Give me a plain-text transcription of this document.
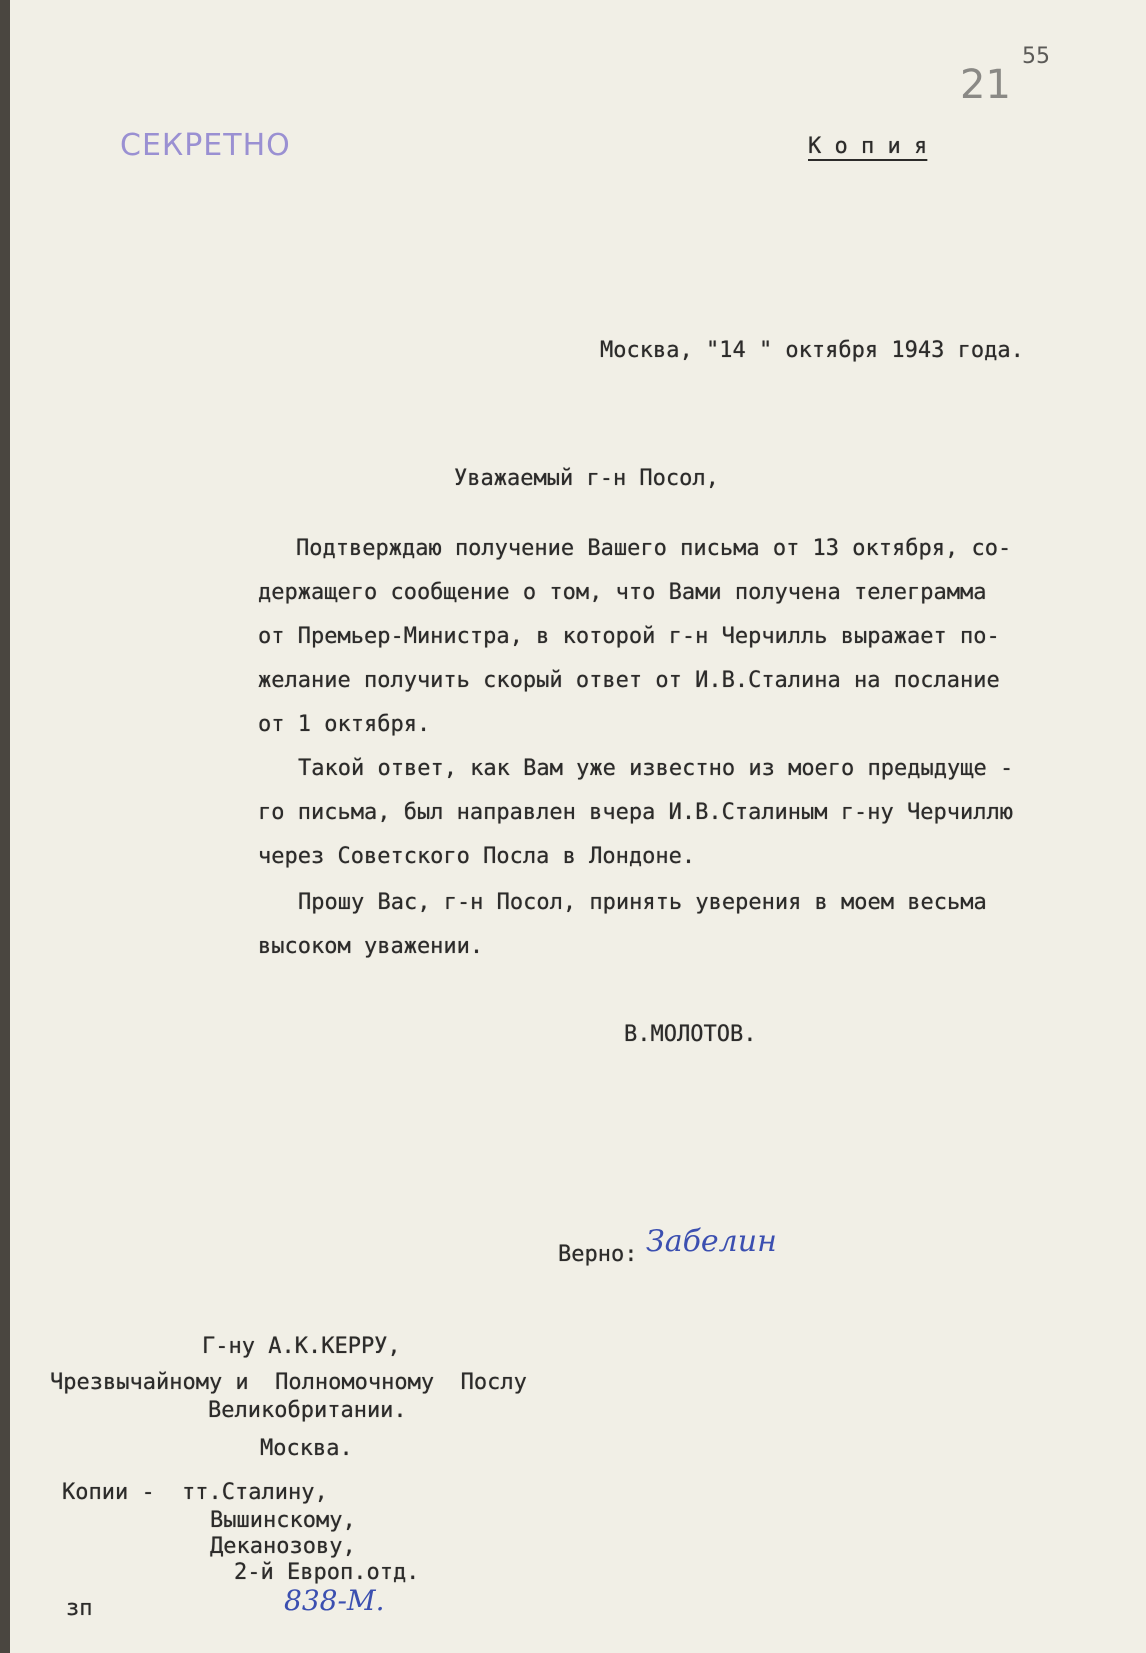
СЕКРЕТНО
55
21
К о п и я
Москва, "14 " октября 1943 года.
Уважаемый г-н Посол,
Подтверждаю получение Вашего письма от 13 октября, со-
держащего сообщение о том, что Вами получена телеграмма
от Премьер-Министра, в которой г-н Черчилль выражает по-
желание получить скорый ответ от И.В.Сталина на послание
от 1 октября.
Такой ответ, как Вам уже известно из моего предыдуще -
го письма, был направлен вчера И.В.Сталиным г-ну Черчиллю
через Советского Посла в Лондоне.
Прошу Вас, г-н Посол, принять уверения в моем весьма
высоком уважении.
В.МОЛОТОВ.
Верно: Забелин
Г-ну А.К.КЕРРУ,
Чрезвычайному и  Полномочному  Послу
Великобритании.
Москва.
Копии - тт.Сталину,
Вышинскому,
Деканозову,
2-й Европ.отд.
зп	838-М.
